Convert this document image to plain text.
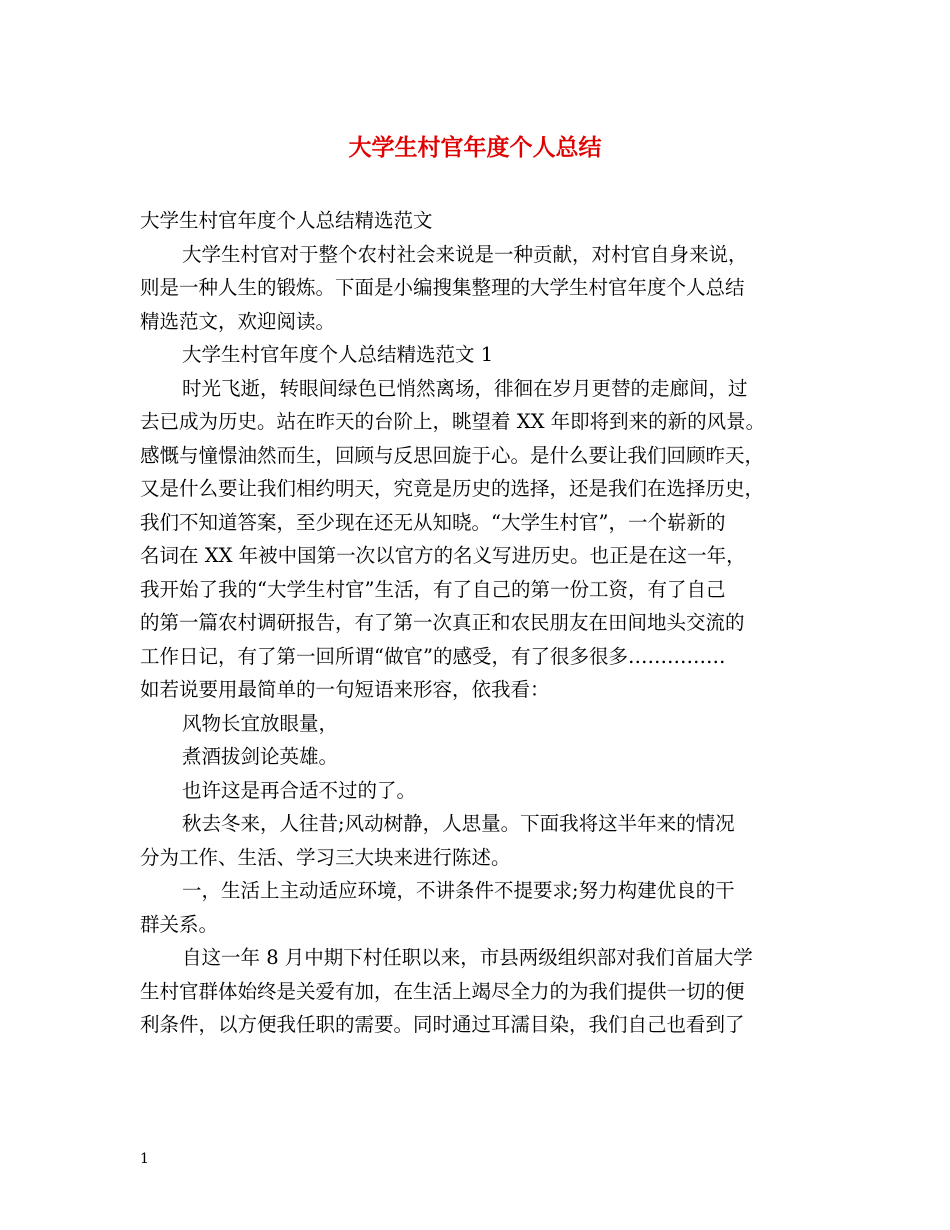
大学生村官年度个人总结
大学生村官年度个人总结精选范文
大学生村官对于整个农村社会来说是一种贡献，对村官自身来说，
则是一种人生的锻炼。下面是小编搜集整理的大学生村官年度个人总结
精选范文，欢迎阅读。
大学生村官年度个人总结精选范文 1
时光飞逝，转眼间绿色已悄然离场，徘徊在岁月更替的走廊间，过
去已成为历史。站在昨天的台阶上，眺望着 XX 年即将到来的新的风景。
感慨与憧憬油然而生，回顾与反思回旋于心。是什么要让我们回顾昨天，
又是什么要让我们相约明天，究竟是历史的选择，还是我们在选择历史，
我们不知道答案，至少现在还无从知晓。“大学生村官”，一个崭新的
名词在 XX 年被中国第一次以官方的名义写进历史。也正是在这一年，
我开始了我的“大学生村官”生活，有了自己的第一份工资，有了自己
的第一篇农村调研报告，有了第一次真正和农民朋友在田间地头交流的
工作日记，有了第一回所谓“做官”的感受，有了很多很多……………
如若说要用最简单的一句短语来形容，依我看：
风物长宜放眼量，
煮酒拔剑论英雄。
也许这是再合适不过的了。
秋去冬来，人往昔;风动树静，人思量。下面我将这半年来的情况
分为工作、生活、学习三大块来进行陈述。
一，生活上主动适应环境，不讲条件不提要求;努力构建优良的干
群关系。
自这一年 8 月中期下村任职以来，市县两级组织部对我们首届大学
生村官群体始终是关爱有加，在生活上竭尽全力的为我们提供一切的便
利条件，以方便我任职的需要。同时通过耳濡目染，我们自己也看到了
1
